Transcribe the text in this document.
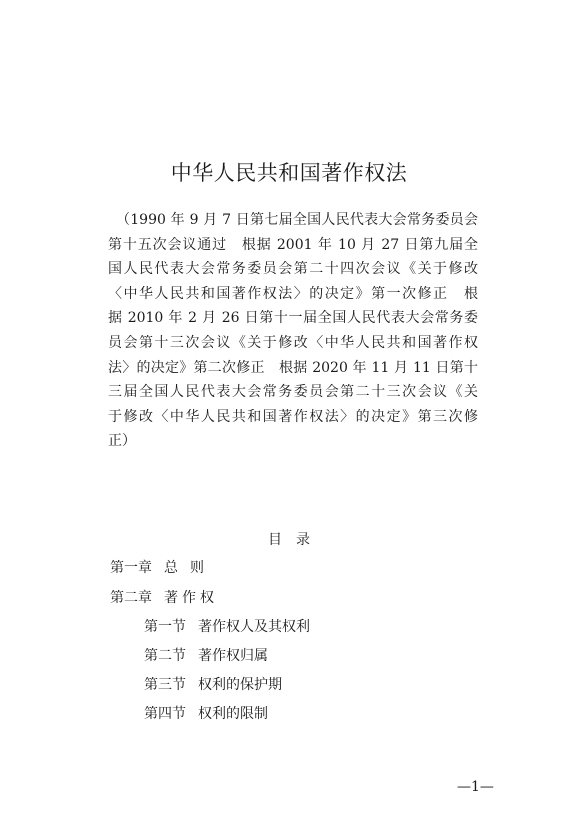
中华人民共和国著作权法
（1990 年 9 月 7 日第七届全国人民代表大会常务委员会
第十五次会议通过　根据 2001 年 10 月 27 日第九届全
国人民代表大会常务委员会第二十四次会议《关于修改
〈中华人民共和国著作权法〉的决定》第一次修正　根
据 2010 年 2 月 26 日第十一届全国人民代表大会常务委
员会第十三次会议《关于修改〈中华人民共和国著作权
法〉的决定》第二次修正　根据 2020 年 11 月 11 日第十
三届全国人民代表大会常务委员会第二十三次会议《关
于修改〈中华人民共和国著作权法〉的决定》第三次修
正）
目录
第一章 总则
第二章 著作权
第一节 著作权人及其权利
第二节 著作权归属
第三节 权利的保护期
第四节 权利的限制
—1—
